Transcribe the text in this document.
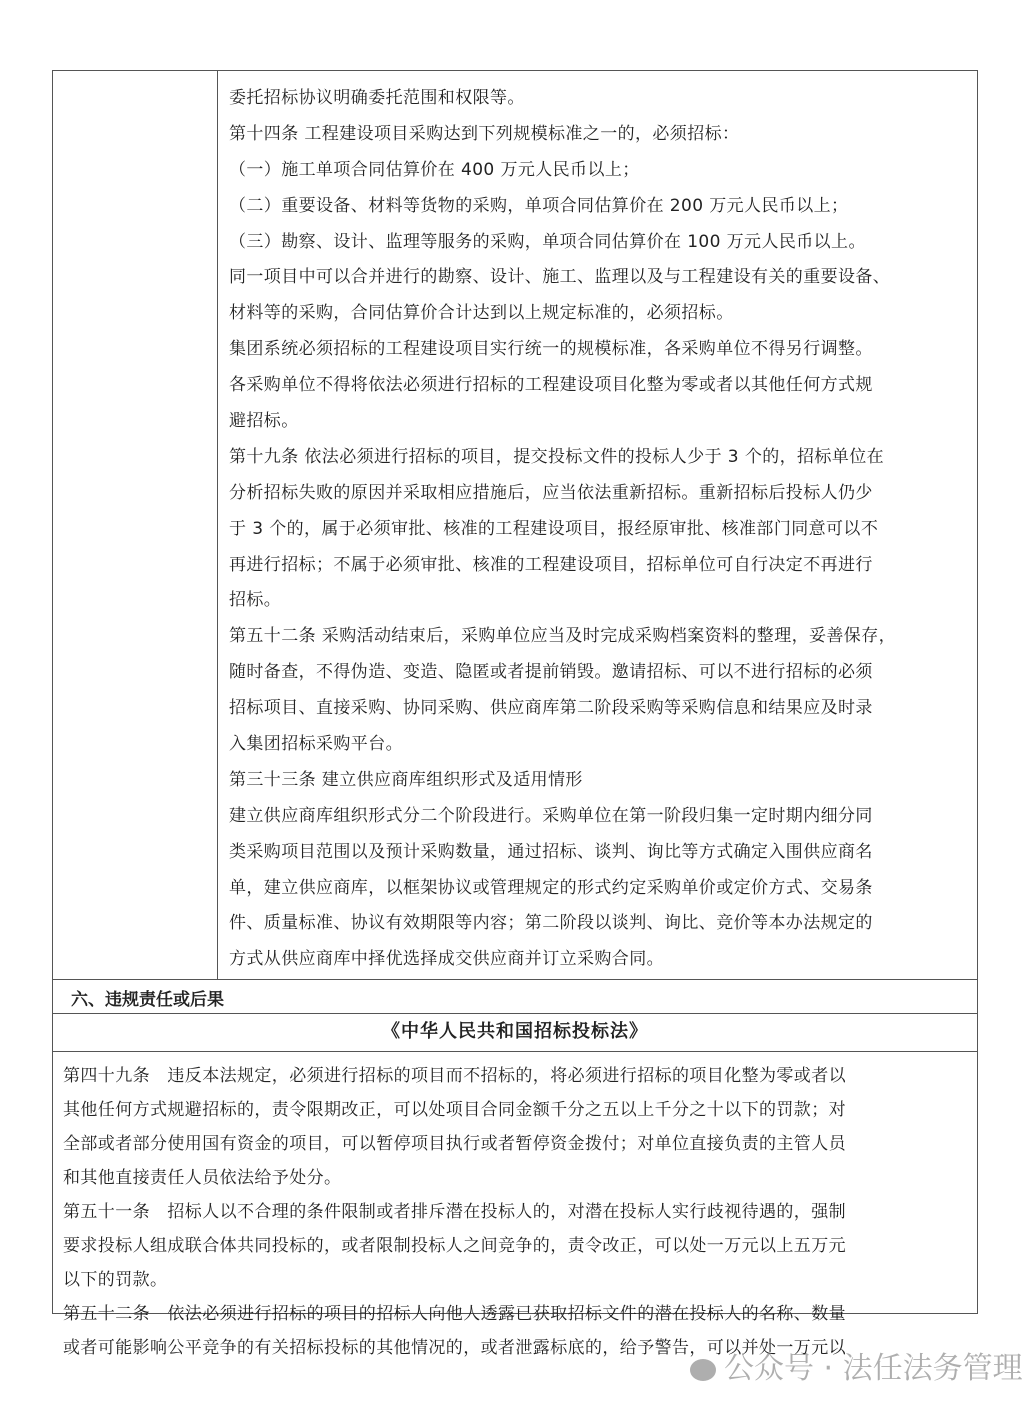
委托招标协议明确委托范围和权限等。
第十四条 工程建设项目采购达到下列规模标准之一的，必须招标：
（一）施工单项合同估算价在 400 万元人民币以上；
（二）重要设备、材料等货物的采购，单项合同估算价在 200 万元人民币以上；
（三）勘察、设计、监理等服务的采购，单项合同估算价在 100 万元人民币以上。
同一项目中可以合并进行的勘察、设计、施工、监理以及与工程建设有关的重要设备、
材料等的采购，合同估算价合计达到以上规定标准的，必须招标。
集团系统必须招标的工程建设项目实行统一的规模标准，各采购单位不得另行调整。
各采购单位不得将依法必须进行招标的工程建设项目化整为零或者以其他任何方式规
避招标。
第十九条 依法必须进行招标的项目，提交投标文件的投标人少于 3 个的，招标单位在
分析招标失败的原因并采取相应措施后，应当依法重新招标。重新招标后投标人仍少
于 3 个的，属于必须审批、核准的工程建设项目，报经原审批、核准部门同意可以不
再进行招标；不属于必须审批、核准的工程建设项目，招标单位可自行决定不再进行
招标。
第五十二条 采购活动结束后，采购单位应当及时完成采购档案资料的整理，妥善保存，
随时备查，不得伪造、变造、隐匿或者提前销毁。邀请招标、可以不进行招标的必须
招标项目、直接采购、协同采购、供应商库第二阶段采购等采购信息和结果应及时录
入集团招标采购平台。
第三十三条 建立供应商库组织形式及适用情形
建立供应商库组织形式分二个阶段进行。采购单位在第一阶段归集一定时期内细分同
类采购项目范围以及预计采购数量，通过招标、谈判、询比等方式确定入围供应商名
单，建立供应商库，以框架协议或管理规定的形式约定采购单价或定价方式、交易条
件、质量标准、协议有效期限等内容；第二阶段以谈判、询比、竞价等本办法规定的
方式从供应商库中择优选择成交供应商并订立采购合同。
六、违规责任或后果
《中华人民共和国招标投标法》
第四十九条　违反本法规定，必须进行招标的项目而不招标的，将必须进行招标的项目化整为零或者以
其他任何方式规避招标的，责令限期改正，可以处项目合同金额千分之五以上千分之十以下的罚款；对
全部或者部分使用国有资金的项目，可以暂停项目执行或者暂停资金拨付；对单位直接负责的主管人员
和其他直接责任人员依法给予处分。
第五十一条　招标人以不合理的条件限制或者排斥潜在投标人的，对潜在投标人实行歧视待遇的，强制
要求投标人组成联合体共同投标的，或者限制投标人之间竞争的，责令改正，可以处一万元以上五万元
以下的罚款。
第五十二条　依法必须进行招标的项目的招标人向他人透露已获取招标文件的潜在投标人的名称、数量
或者可能影响公平竞争的有关招标投标的其他情况的，或者泄露标底的，给予警告，可以并处一万元以
公众号 · 法任法务管理
